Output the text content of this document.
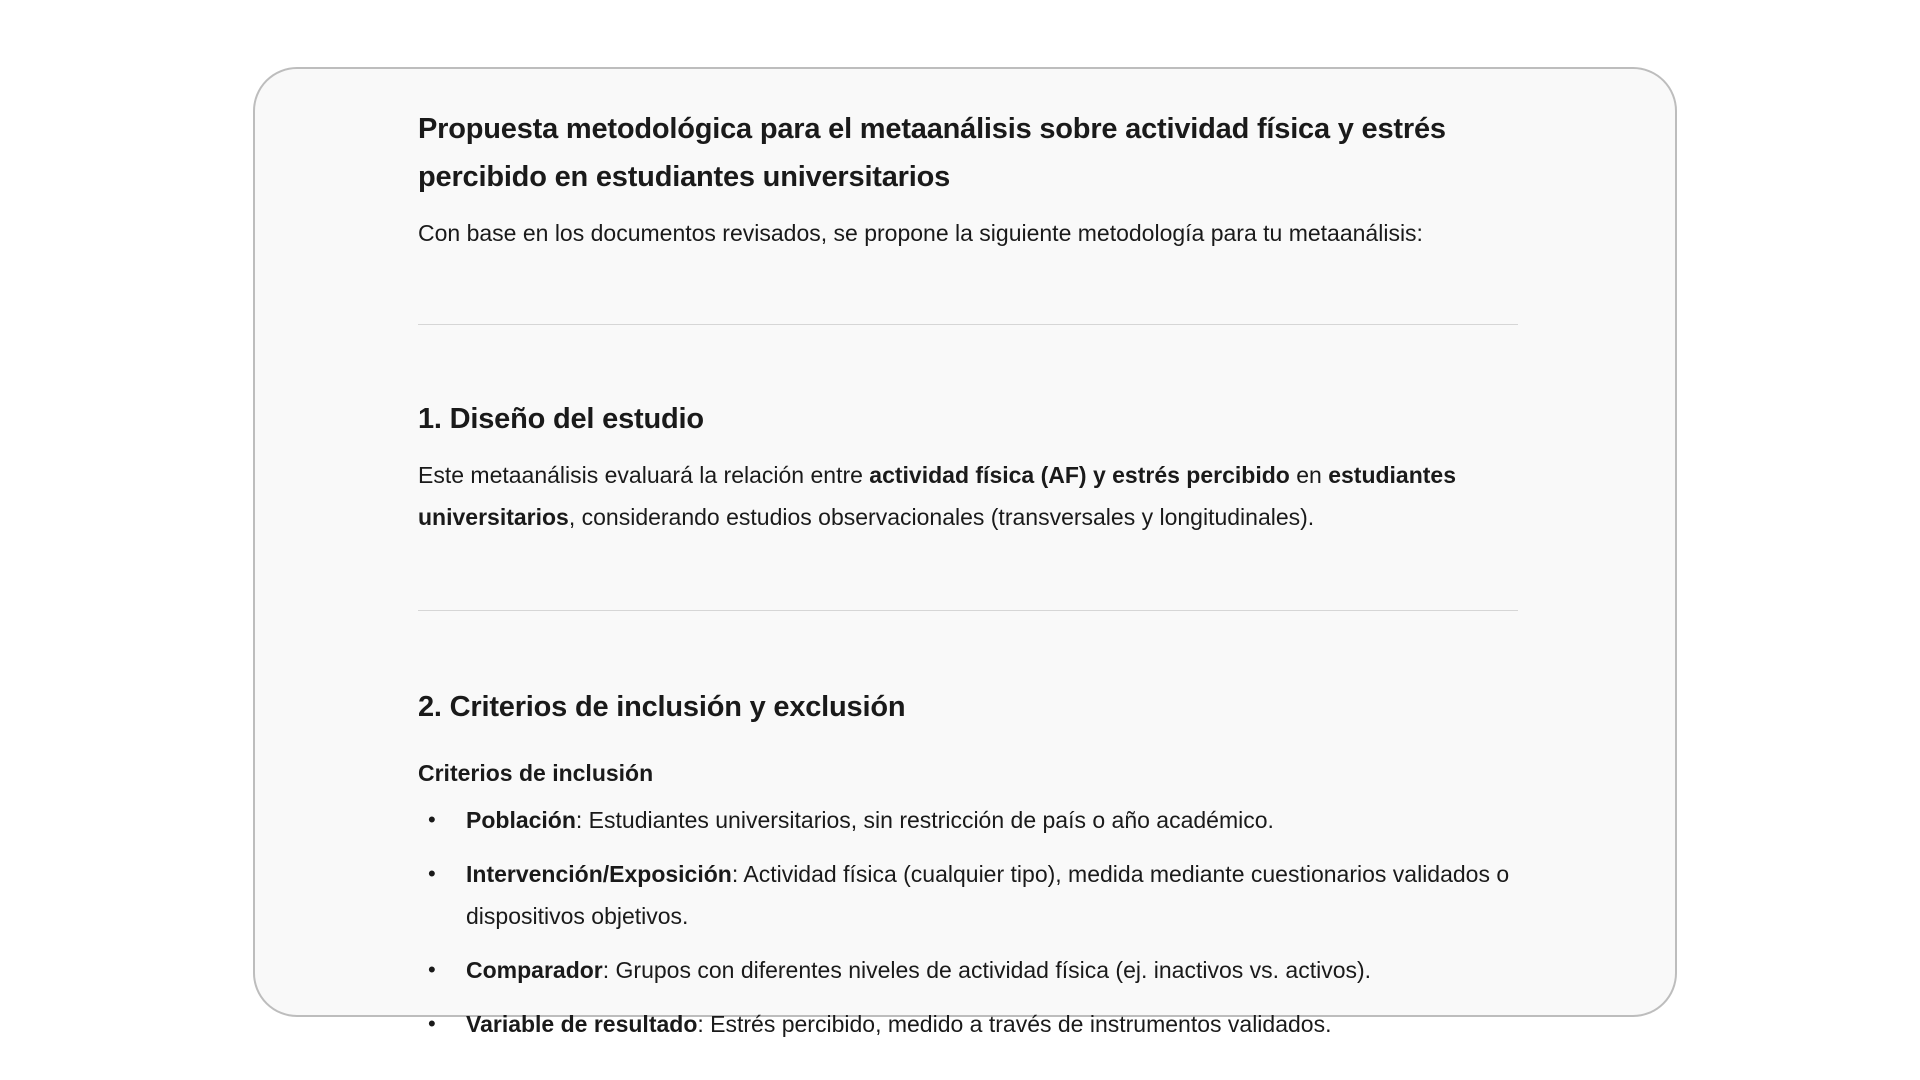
Propuesta metodológica para el metaanálisis sobre actividad física y estrés percibido en estudiantes universitarios

Con base en los documentos revisados, se propone la siguiente metodología para tu metaanálisis:

1. Diseño del estudio

Este metaanálisis evaluará la relación entre actividad física (AF) y estrés percibido en estudiantes universitarios, considerando estudios observacionales (transversales y longitudinales).

2. Criterios de inclusión y exclusión
Criterios de inclusión
• Población: Estudiantes universitarios, sin restricción de país o año académico.
• Intervención/Exposición: Actividad física (cualquier tipo), medida mediante cuestionarios validados o dispositivos objetivos.
• Comparador: Grupos con diferentes niveles de actividad física (ej. inactivos vs. activos).
• Variable de resultado: Estrés percibido, medido a través de instrumentos validados.
